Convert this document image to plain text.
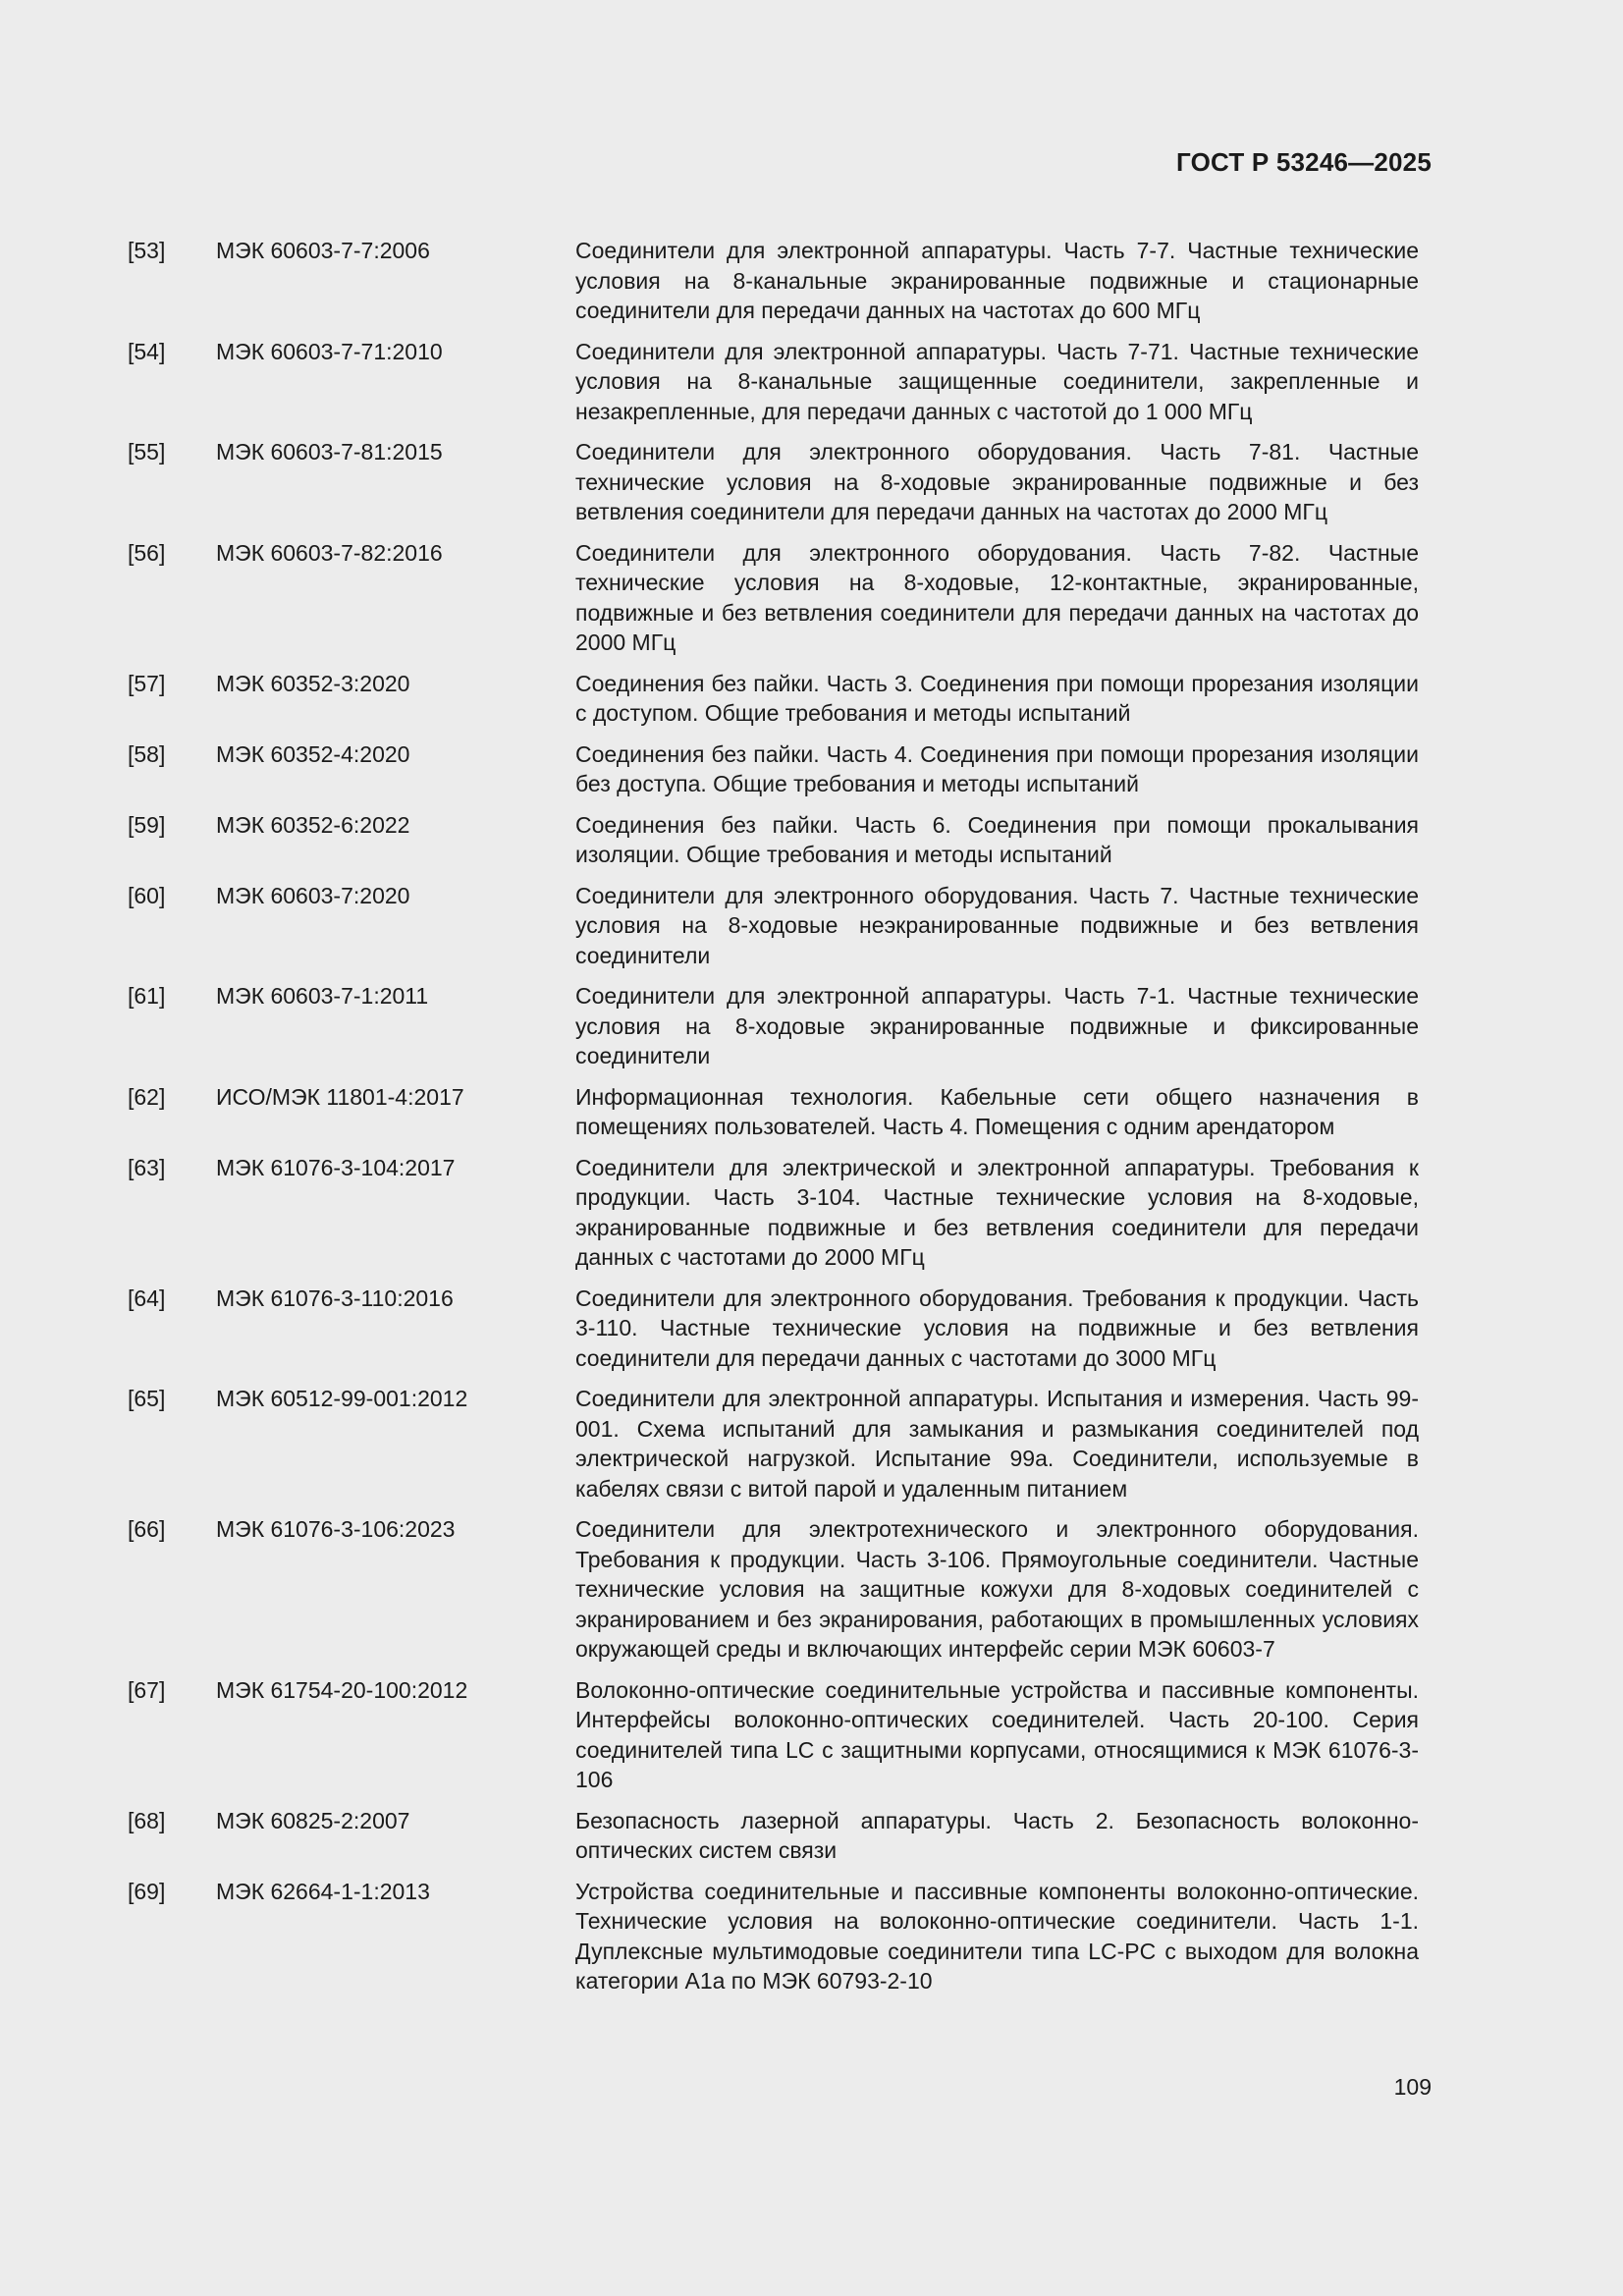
ГОСТ Р 53246—2025
[53]	МЭК 60603-7-7:2006	Соединители для электронной аппаратуры. Часть 7-7. Частные технические условия на 8-канальные экранированные подвижные и стационарные соединители для передачи данных на частотах до 600 МГц
[54]	МЭК 60603-7-71:2010	Соединители для электронной аппаратуры. Часть 7-71. Частные технические условия на 8-канальные защищенные соединители, закрепленные и незакрепленные, для передачи данных с частотой до 1 000 МГц
[55]	МЭК 60603-7-81:2015	Соединители для электронного оборудования. Часть 7-81. Частные технические условия на 8-ходовые экранированные подвижные и без ветвления соединители для передачи данных на частотах до 2000 МГц
[56]	МЭК 60603-7-82:2016	Соединители для электронного оборудования. Часть 7-82. Частные технические условия на 8-ходовые, 12-контактные, экранированные, подвижные и без ветвления соединители для передачи данных на частотах до 2000 МГц
[57]	МЭК 60352-3:2020	Соединения без пайки. Часть 3. Соединения при помощи прорезания изоляции с доступом. Общие требования и методы испытаний
[58]	МЭК 60352-4:2020	Соединения без пайки. Часть 4. Соединения при помощи прорезания изоляции без доступа. Общие требования и методы испытаний
[59]	МЭК 60352-6:2022	Соединения без пайки. Часть 6. Соединения при помощи прокалывания изоляции. Общие требования и методы испытаний
[60]	МЭК 60603-7:2020	Соединители для электронного оборудования. Часть 7. Частные технические условия на 8-ходовые неэкранированные подвижные и без ветвления соединители
[61]	МЭК 60603-7-1:2011	Соединители для электронной аппаратуры. Часть 7-1. Частные технические условия на 8-ходовые экранированные подвижные и фиксированные соединители
[62]	ИСО/МЭК 11801-4:2017	Информационная технология. Кабельные сети общего назначения в помещениях пользователей. Часть 4. Помещения с одним арендатором
[63]	МЭК 61076-3-104:2017	Соединители для электрической и электронной аппаратуры. Требования к продукции. Часть 3-104. Частные технические условия на 8-ходовые, экранированные подвижные и без ветвления соединители для передачи данных с частотами до 2000 МГц
[64]	МЭК 61076-3-110:2016	Соединители для электронного оборудования. Требования к продукции. Часть 3-110. Частные технические условия на подвижные и без ветвления соединители для передачи данных с частотами до 3000 МГц
[65]	МЭК 60512-99-001:2012	Соединители для электронной аппаратуры. Испытания и измерения. Часть 99-001. Схема испытаний для замыкания и размыкания соединителей под электрической нагрузкой. Испытание 99а. Соединители, используемые в кабелях связи с витой парой и удаленным питанием
[66]	МЭК 61076-3-106:2023	Соединители для электротехнического и электронного оборудования. Требования к продукции. Часть 3-106. Прямоугольные соединители. Частные технические условия на защитные кожухи для 8-ходовых соединителей с экранированием и без экранирования, работающих в промышленных условиях окружающей среды и включающих интерфейс серии МЭК 60603-7
[67]	МЭК 61754-20-100:2012	Волоконно-оптические соединительные устройства и пассивные компоненты. Интерфейсы волоконно-оптических соединителей. Часть 20-100. Серия соединителей типа LC с защитными корпусами, относящимися к МЭК 61076-3-106
[68]	МЭК 60825-2:2007	Безопасность лазерной аппаратуры. Часть 2. Безопасность волоконно-оптических систем связи
[69]	МЭК 62664-1-1:2013	Устройства соединительные и пассивные компоненты волоконно-оптические. Технические условия на волоконно-оптические соединители. Часть 1-1. Дуплексные мультимодовые соединители типа LC-PC с выходом для волокна категории A1a по МЭК 60793-2-10
109
